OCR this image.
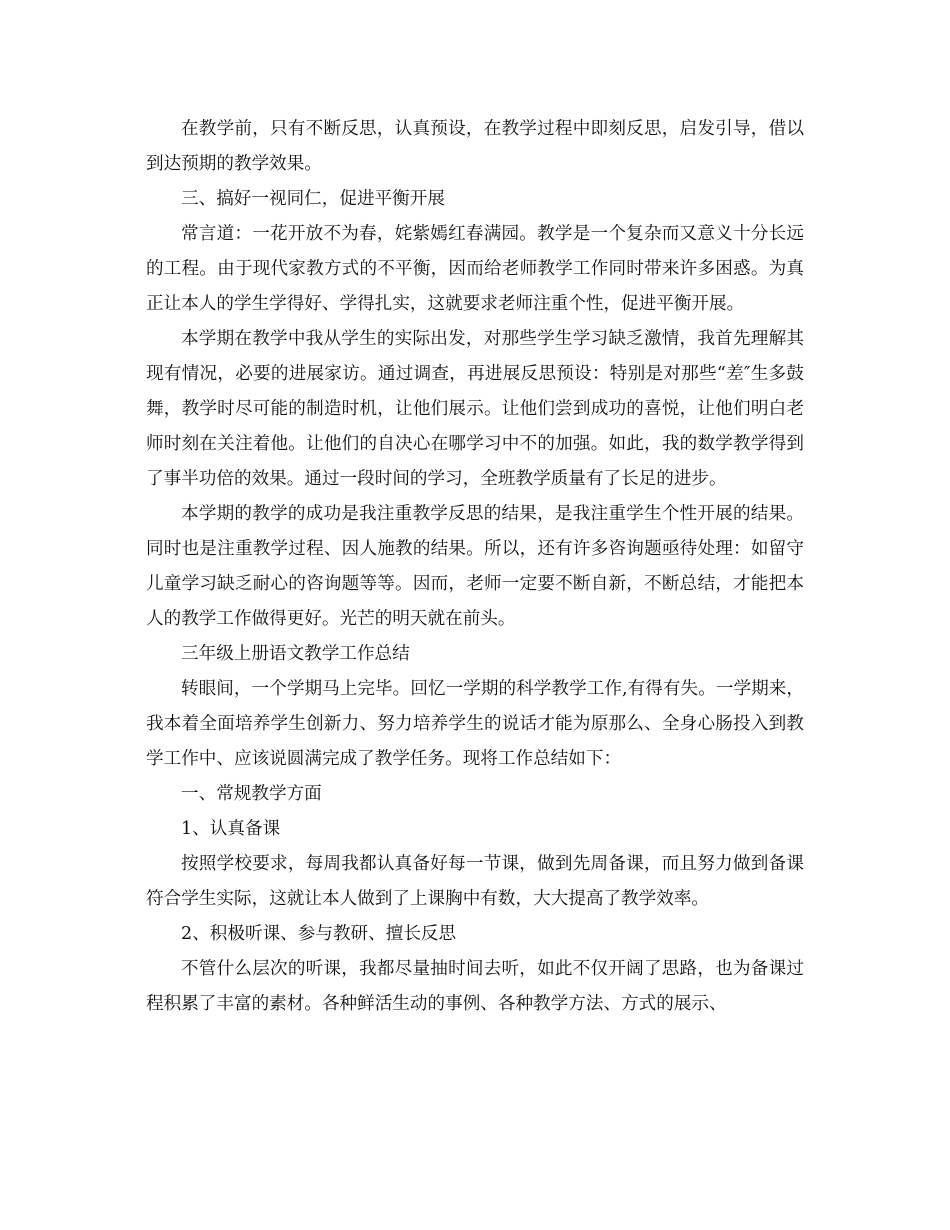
在教学前，只有不断反思，认真预设，在教学过程中即刻反思，启发引导，借以到达预期的教学效果。

三、搞好一视同仁，促进平衡开展

常言道：一花开放不为春，姹紫嫣红春满园。教学是一个复杂而又意义十分长远的工程。由于现代家教方式的不平衡，因而给老师教学工作同时带来许多困惑。为真正让本人的学生学得好、学得扎实，这就要求老师注重个性，促进平衡开展。

本学期在教学中我从学生的实际出发，对那些学生学习缺乏激情，我首先理解其现有情况，必要的进展家访。通过调查，再进展反思预设：特别是对那些“差″生多鼓舞，教学时尽可能的制造时机，让他们展示。让他们尝到成功的喜悦，让他们明白老师时刻在关注着他。让他们的自决心在哪学习中不的加强。如此，我的数学教学得到了事半功倍的效果。通过一段时间的学习，全班教学质量有了长足的进步。

本学期的教学的成功是我注重教学反思的结果，是我注重学生个性开展的结果。同时也是注重教学过程、因人施教的结果。所以，还有许多咨询题亟待处理：如留守儿童学习缺乏耐心的咨询题等等。因而，老师一定要不断自新，不断总结，才能把本人的教学工作做得更好。光芒的明天就在前头。

三年级上册语文教学工作总结

转眼间，一个学期马上完毕。回忆一学期的科学教学工作,有得有失。一学期来，我本着全面培养学生创新力、努力培养学生的说话才能为原那么、全身心肠投入到教学工作中、应该说圆满完成了教学任务。现将工作总结如下：

一、常规教学方面

1、认真备课

按照学校要求，每周我都认真备好每一节课，做到先周备课，而且努力做到备课符合学生实际，这就让本人做到了上课胸中有数，大大提高了教学效率。

2、积极听课、参与教研、擅长反思

不管什么层次的听课，我都尽量抽时间去听，如此不仅开阔了思路，也为备课过程积累了丰富的素材。各种鲜活生动的事例、各种教学方法、方式的展示、
